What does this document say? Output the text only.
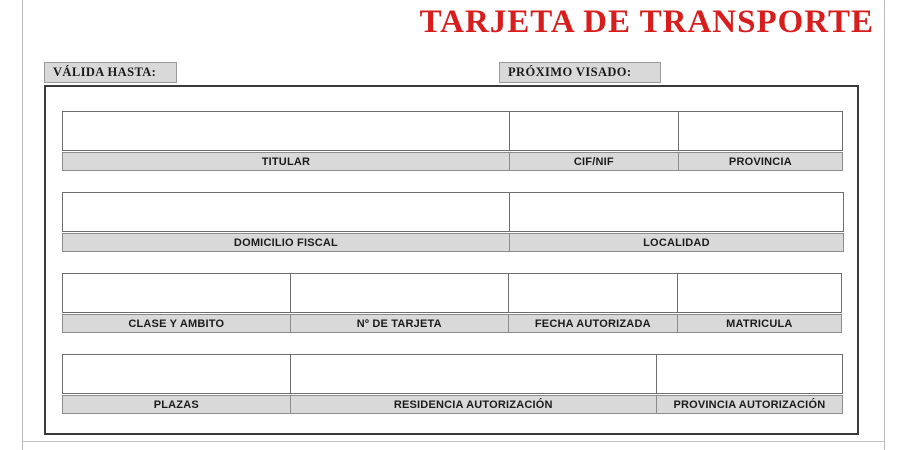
TARJETA DE TRANSPORTE
VÁLIDA HASTA:	PRÓXIMO VISADO:
TITULAR	CIF/NIF	PROVINCIA
DOMICILIO FISCAL	LOCALIDAD
CLASE Y AMBITO	Nº DE TARJETA	FECHA AUTORIZADA	MATRICULA
PLAZAS	RESIDENCIA AUTORIZACIÓN	PROVINCIA AUTORIZACIÓN
